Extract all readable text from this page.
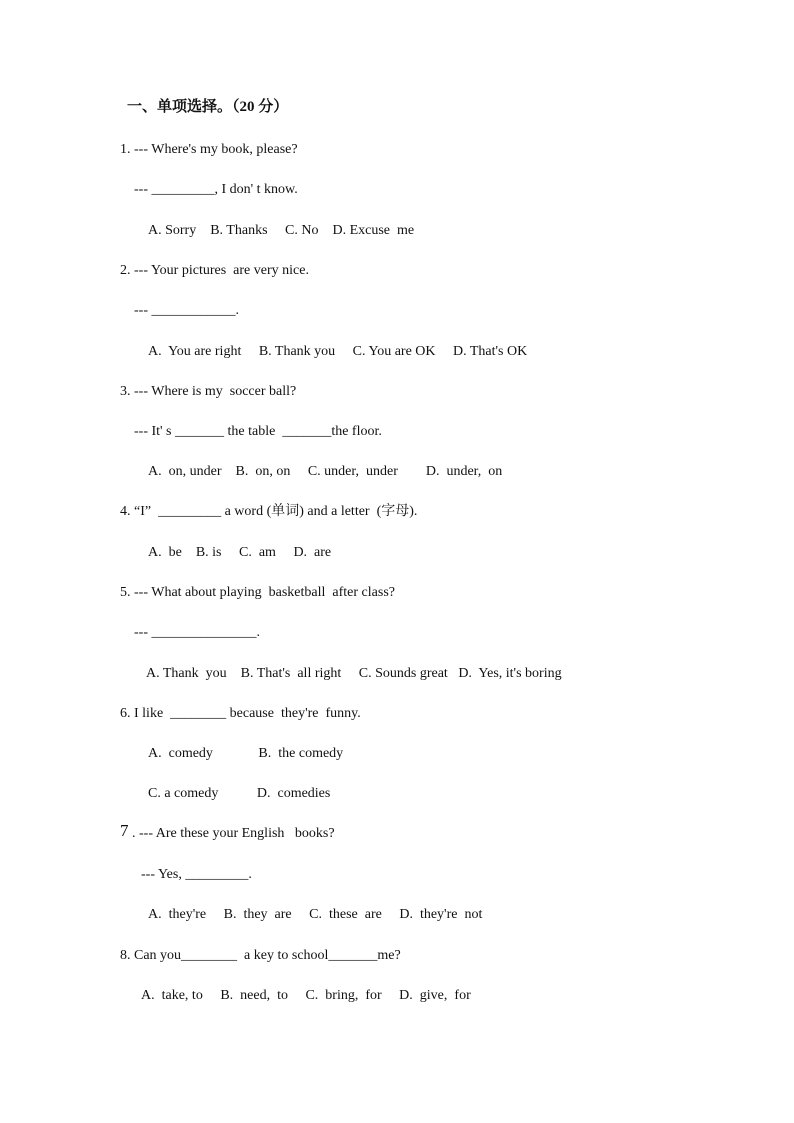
一、单项选择。（20 分）
1. --- Where's my book, please?
--- _________, I don' t know.
A. Sorry    B. Thanks     C. No    D. Excuse  me
2. --- Your pictures  are very nice.
--- ____________.
A.  You are right     B. Thank you     C. You are OK     D. That's OK
3. --- Where is my  soccer ball?
--- It' s _______ the table  _______the floor.
A.  on, under    B.  on, on     C. under,  under        D.  under,  on
4. “I”  _________ a word (单词) and a letter  (字母).
A.  be    B. is     C.  am     D.  are
5. --- What about playing  basketball  after class?
--- _______________.
A. Thank  you    B. That's  all right     C. Sounds great   D.  Yes, it's boring
6. I like  ________ because  they're  funny.
A.  comedy             B.  the comedy
C. a comedy           D.  comedies
7 . --- Are these your English   books?
--- Yes, _________.
A.  they're     B.  they  are     C.  these  are     D.  they're  not
8. Can you________  a key to school_______me?
A.  take, to     B.  need,  to     C.  bring,  for     D.  give,  for
